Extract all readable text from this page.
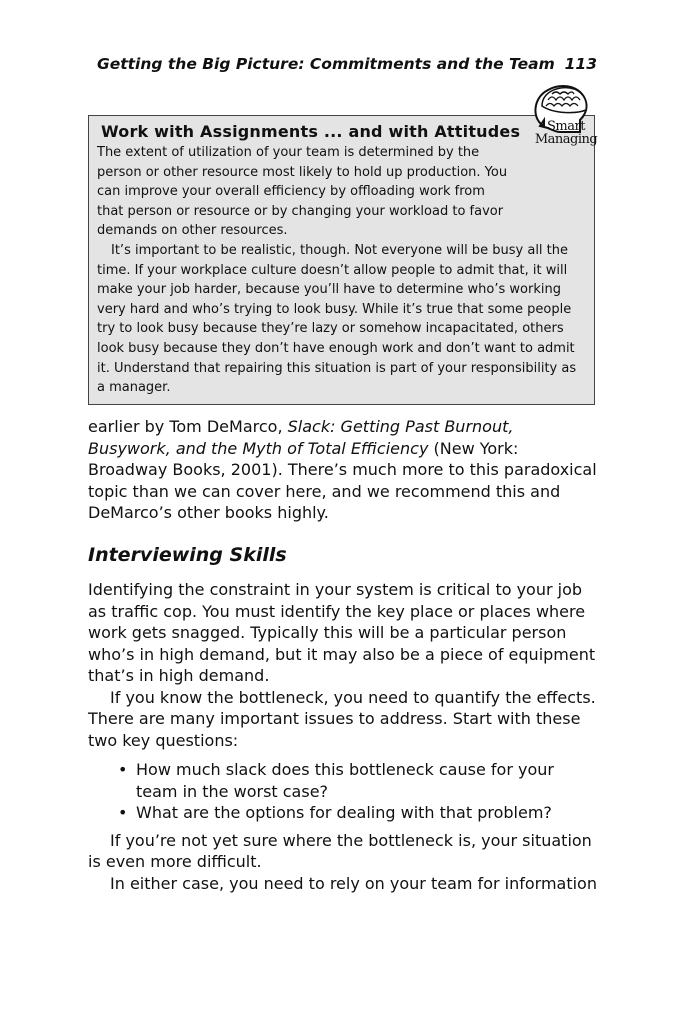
Getting the Big Picture: Commitments and the Team 113
Work with Assignments ... and with Attitudes

The extent of utilization of your team is determined by the person or other resource most likely to hold up production. You can improve your overall efficiency by offloading work from that person or resource or by changing your workload to favor demands on other resources.

It’s important to be realistic, though. Not everyone will be busy all the time. If your workplace culture doesn’t allow people to admit that, it will make your job harder, because you’ll have to determine who’s working very hard and who’s trying to look busy. While it’s true that some people try to look busy because they’re lazy or somehow incapacitated, others look busy because they don’t have enough work and don’t want to admit it. Understand that repairing this situation is part of your responsibility as a manager.

Smart
Managing

earlier by Tom DeMarco, Slack: Getting Past Burnout, Busywork, and the Myth of Total Efficiency (New York: Broadway Books, 2001). There’s much more to this paradoxical topic than we can cover here, and we recommend this and DeMarco’s other books highly.

Interviewing Skills

Identifying the constraint in your system is critical to your job as traffic cop. You must identify the key place or places where work gets snagged. Typically this will be a particular person who’s in high demand, but it may also be a piece of equipment that’s in high demand.

If you know the bottleneck, you need to quantify the effects. There are many important issues to address. Start with these two key questions:

• How much slack does this bottleneck cause for your team in the worst case?
• What are the options for dealing with that problem?

If you’re not yet sure where the bottleneck is, your situation is even more difficult.

In either case, you need to rely on your team for information
